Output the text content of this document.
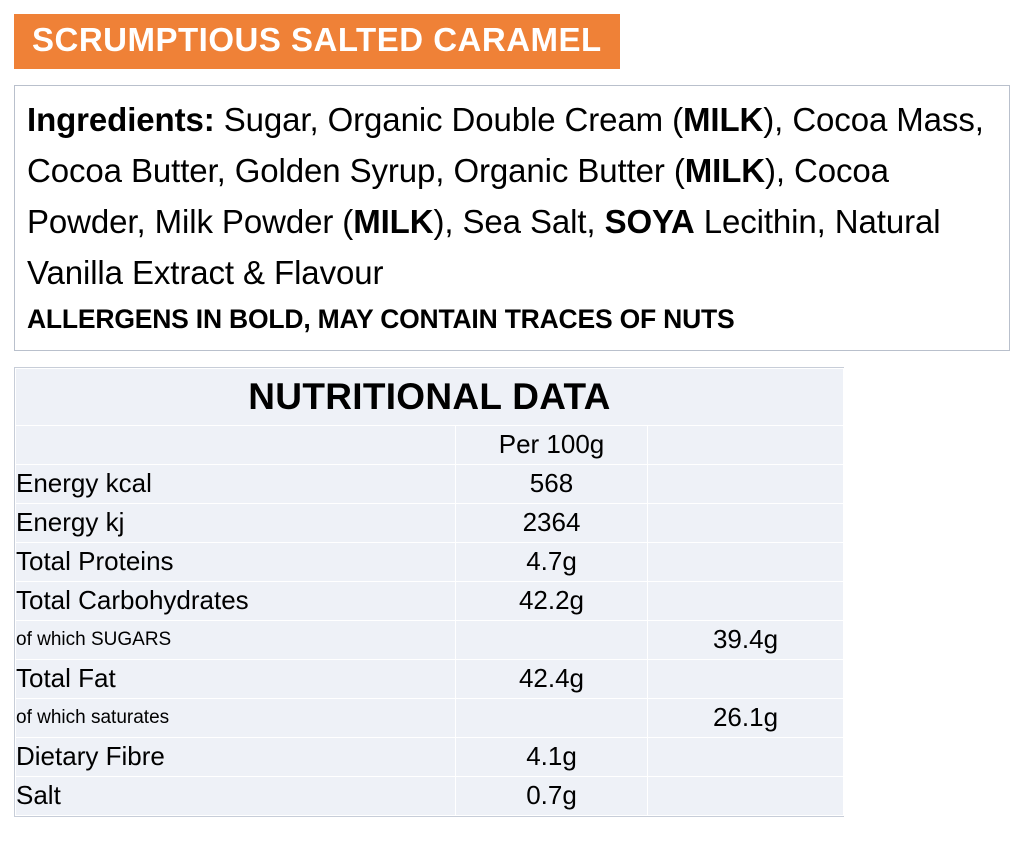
SCRUMPTIOUS SALTED CARAMEL
Ingredients: Sugar, Organic Double Cream (MILK), Cocoa Mass, Cocoa Butter, Golden Syrup, Organic Butter (MILK), Cocoa Powder, Milk Powder (MILK), Sea Salt, SOYA Lecithin, Natural Vanilla Extract & Flavour
ALLERGENS IN BOLD, MAY CONTAIN TRACES OF NUTS
NUTRITIONAL DATA		
	Per 100g	
Energy kcal	568	
Energy kj	2364	
Total Proteins	4.7g	
Total Carbohydrates	42.2g	
of which SUGARS		39.4g
Total Fat	42.4g	
of which saturates		26.1g
Dietary Fibre	4.1g	
Salt	0.7g	
